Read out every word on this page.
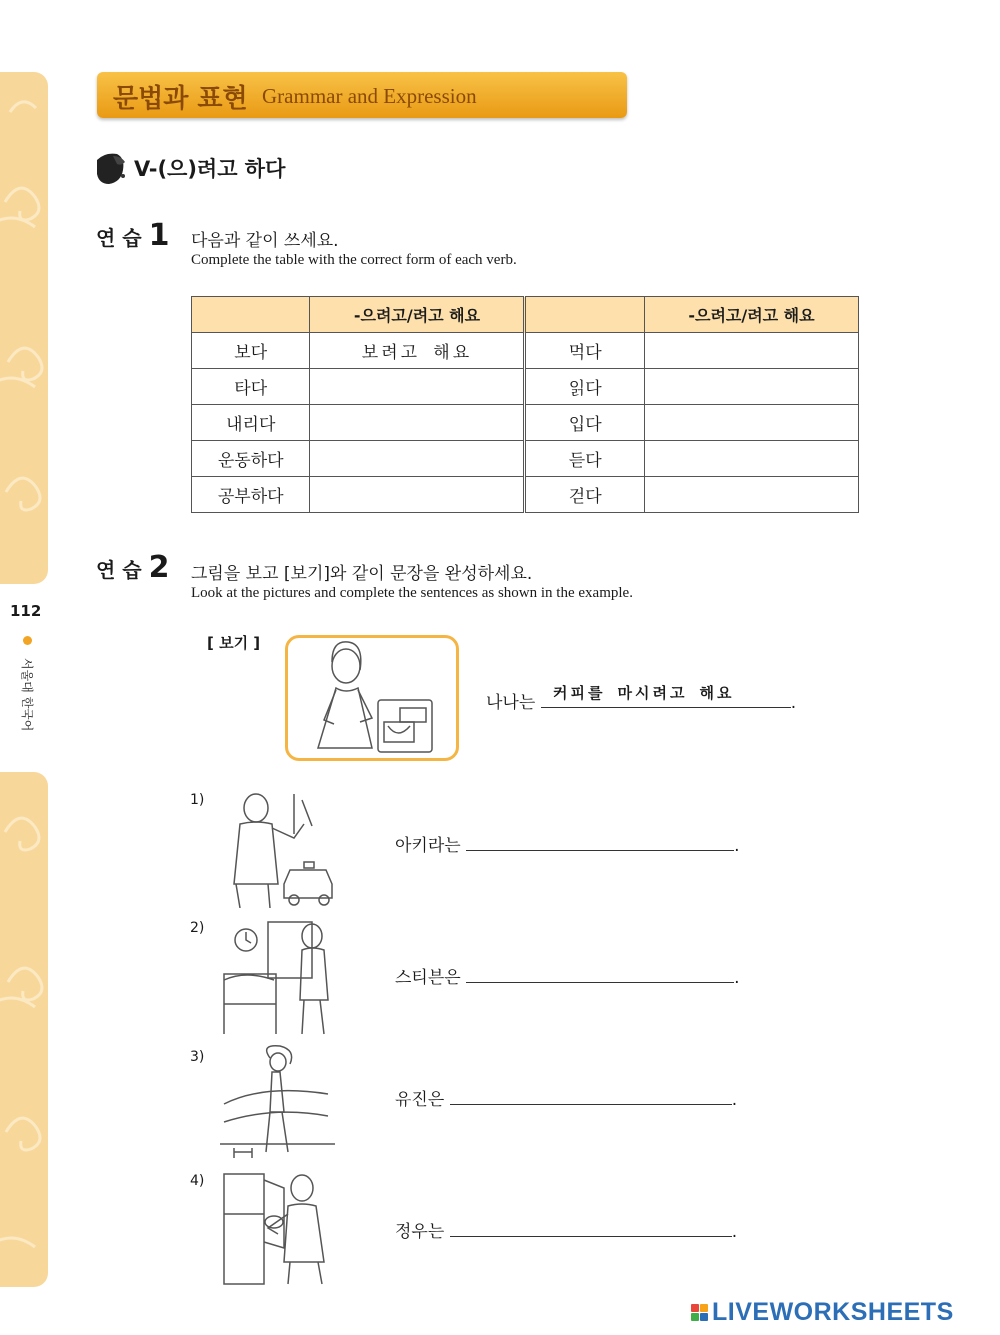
112
서울대 한국어
문법과 표현 Grammar and Expression
V-(으)려고 하다
연 습 1 다음과 같이 쓰세요.
Complete the table with the correct form of each verb.
	-으려고/려고 해요		-으려고/려고 해요
보다	보려고 해요	먹다	
타다		읽다	
내리다		입다	
운동하다		듣다	
공부하다		걷다	
연 습 2 그림을 보고 [보기]와 같이 문장을 완성하세요.
Look at the pictures and complete the sentences as shown in the example.
[ 보기 ]
나나는	.
커피를 마시려고 해요
1)
아키라는	.
2)
스티븐은	.
3)
유진은	.
4)
정우는	.
LIVEWORKSHEETS
